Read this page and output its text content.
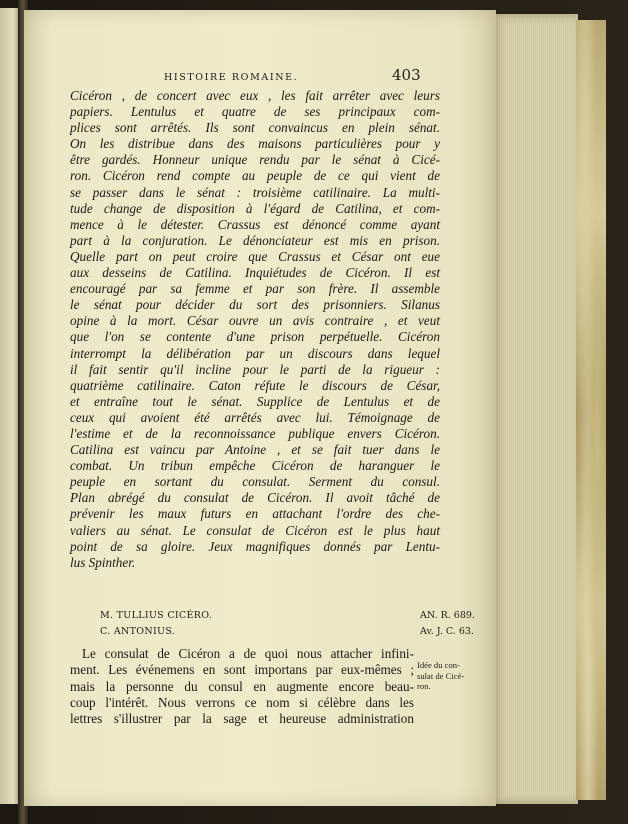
HISTOIRE ROMAINE.	403
Cicéron , de concert avec eux , les fait arrêter avec leurs
papiers. Lentulus et quatre de ses principaux com-
plices sont arrêtés. Ils sont convaincus en plein sénat.
On les distribue dans des maisons particulières pour y
être gardés. Honneur unique rendu par le sénat à Cicé-
ron. Cicéron rend compte au peuple de ce qui vient de
se passer dans le sénat : troisième catilinaire. La multi-
tude change de disposition à l'égard de Catilina, et com-
mence à le détester. Crassus est dénoncé comme ayant
part à la conjuration. Le dénonciateur est mis en prison.
Quelle part on peut croire que Crassus et César ont eue
aux desseins de Catilina. Inquiétudes de Cicéron. Il est
encouragé par sa femme et par son frère. Il assemble
le sénat pour décider du sort des prisonniers. Silanus
opine à la mort. César ouvre un avis contraire , et veut
que l'on se contente d'une prison perpétuelle. Cicéron
interrompt la délibération par un discours dans lequel
il fait sentir qu'il incline pour le parti de la rigueur :
quatrième catilinaire. Caton réfute le discours de César,
et entraîne tout le sénat. Supplice de Lentulus et de
ceux qui avoient été arrêtés avec lui. Témoignage de
l'estime et de la reconnoissance publique envers Cicéron.
Catilina est vaincu par Antoine , et se fait tuer dans le
combat. Un tribun empêche Cicéron de haranguer le
peuple en sortant du consulat. Serment du consul.
Plan abrégé du consulat de Cicéron. Il avoit tâché de
prévenir les maux futurs en attachant l'ordre des che-
valiers au sénat. Le consulat de Cicéron est le plus haut
point de sa gloire. Jeux magnifiques donnés par Lentu-
lus Spinther.
M. TULLIUS CICÉRO.
C. ANTONIUS.
AN. R. 689.
Av. J. C. 63.
Le consulat de Cicéron a de quoi nous attacher infini-
ment. Les événemens en sont importans par eux-mêmes ;
mais la personne du consul en augmente encore beau-
coup l'intérêt. Nous verrons ce nom si célèbre dans les
lettres s'illustrer par la sage et heureuse administration
Idée du con-
sulat de Cicé-
ron.
